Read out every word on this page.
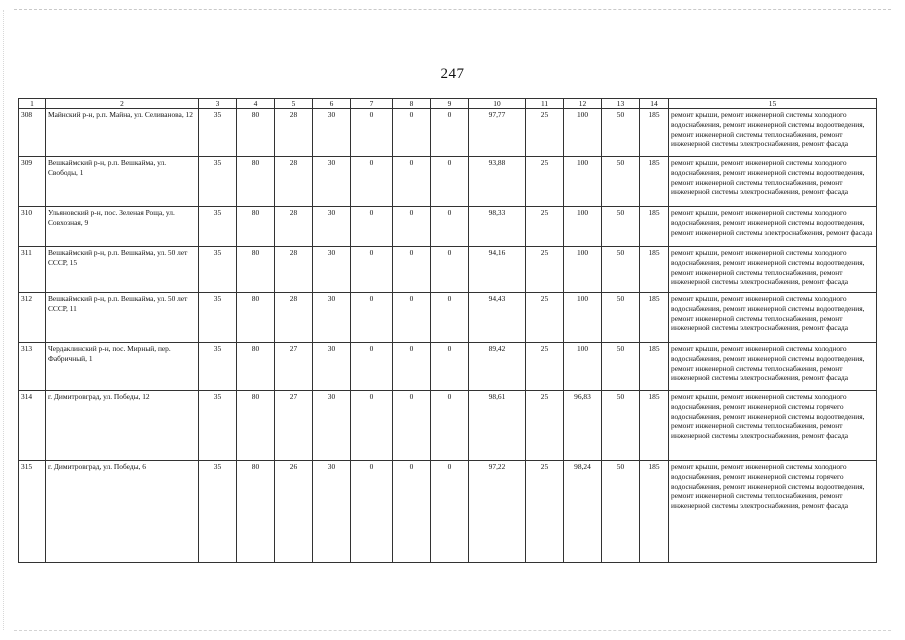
247
1	2	3	4	5	6	7	8	9	10	11	12	13	14	15
308	Майнский р-н, р.п. Майна, ул. Селиванова, 12	35	80	28	30	0	0	0	97,77	25	100	50	185	ремонт крыши, ремонт инженерной системы холодного водоснабжения, ремонт инженерной системы водоотведения, ремонт инженерной системы теплоснабжения, ремонт инженерной системы электроснабжения, ремонт фасада
309	Вешкаймский р-н, р.п. Вешкайма, ул. Свободы, 1	35	80	28	30	0	0	0	93,88	25	100	50	185	ремонт крыши, ремонт инженерной системы холодного водоснабжения, ремонт инженерной системы водоотведения, ремонт инженерной системы теплоснабжения, ремонт инженерной системы электроснабжения, ремонт фасада
310	Ульяновский р-н, пос. Зеленая Роща, ул. Совхозная, 9	35	80	28	30	0	0	0	98,33	25	100	50	185	ремонт крыши, ремонт инженерной системы холодного водоснабжения, ремонт инженерной системы водоотведения, ремонт инженерной системы электроснабжения, ремонт фасада
311	Вешкаймский р-н, р.п. Вешкайма, ул. 50 лет СССР, 15	35	80	28	30	0	0	0	94,16	25	100	50	185	ремонт крыши, ремонт инженерной системы холодного водоснабжения, ремонт инженерной системы водоотведения, ремонт инженерной системы теплоснабжения, ремонт инженерной системы электроснабжения, ремонт фасада
312	Вешкаймский р-н, р.п. Вешкайма, ул. 50 лет СССР, 11	35	80	28	30	0	0	0	94,43	25	100	50	185	ремонт крыши, ремонт инженерной системы холодного водоснабжения, ремонт инженерной системы водоотведения, ремонт инженерной системы теплоснабжения, ремонт инженерной системы электроснабжения, ремонт фасада
313	Чердаклинский р-н, пос. Мирный, пер. Фабричный, 1	35	80	27	30	0	0	0	89,42	25	100	50	185	ремонт крыши, ремонт инженерной системы холодного водоснабжения, ремонт инженерной системы водоотведения, ремонт инженерной системы теплоснабжения, ремонт инженерной системы электроснабжения, ремонт фасада
314	г. Димитровград, ул. Победы, 12	35	80	27	30	0	0	0	98,61	25	96,83	50	185	ремонт крыши, ремонт инженерной системы холодного водоснабжения, ремонт инженерной системы горячего водоснабжения, ремонт инженерной системы водоотведения, ремонт инженерной системы теплоснабжения, ремонт инженерной системы электроснабжения, ремонт фасада
315	г. Димитровград, ул. Победы, 6	35	80	26	30	0	0	0	97,22	25	98,24	50	185	ремонт крыши, ремонт инженерной системы холодного водоснабжения, ремонт инженерной системы горячего водоснабжения, ремонт инженерной системы водоотведения, ремонт инженерной системы теплоснабжения, ремонт инженерной системы электроснабжения, ремонт фасада
